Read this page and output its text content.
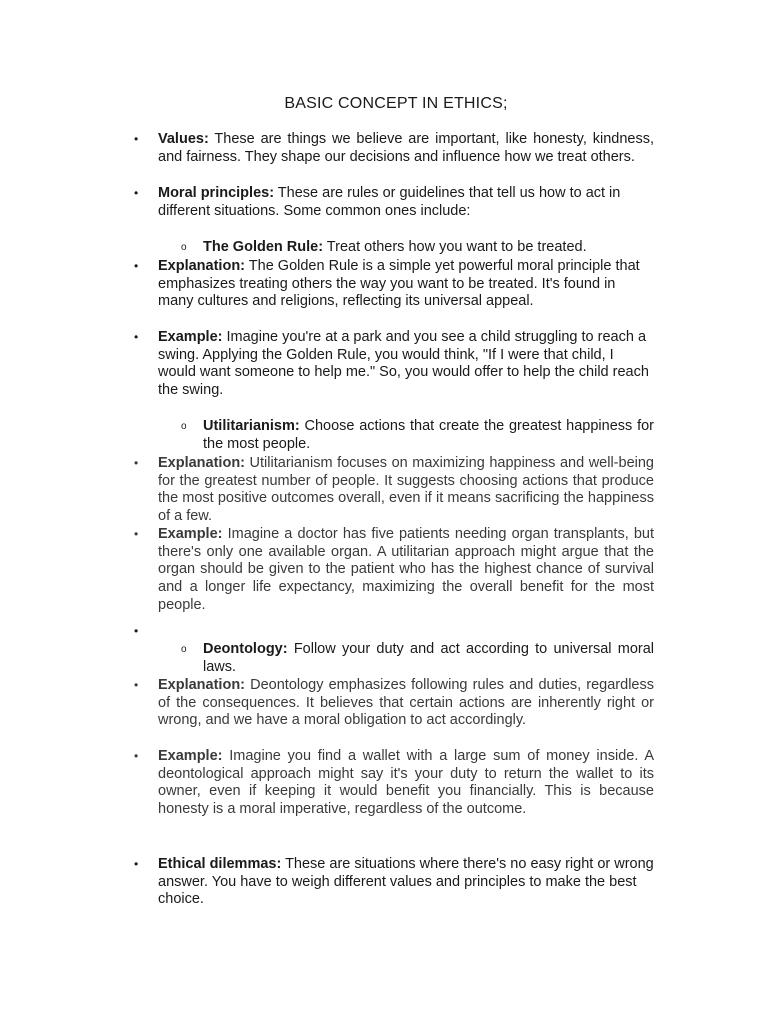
BASIC CONCEPT IN ETHICS;
•	Values: These are things we believe are important, like honesty, kindness, and fairness. They shape our decisions and influence how we treat others.
•	Moral principles: These are rules or guidelines that tell us how to act in different situations. Some common ones include:
o	The Golden Rule: Treat others how you want to be treated.
•	Explanation: The Golden Rule is a simple yet powerful moral principle that emphasizes treating others the way you want to be treated. It's found in many cultures and religions, reflecting its universal appeal.
•	Example: Imagine you're at a park and you see a child struggling to reach a swing. Applying the Golden Rule, you would think, "If I were that child, I would want someone to help me." So, you would offer to help the child reach the swing.
o	Utilitarianism: Choose actions that create the greatest happiness for the most people.
•	Explanation: Utilitarianism focuses on maximizing happiness and well-being for the greatest number of people. It suggests choosing actions that produce the most positive outcomes overall, even if it means sacrificing the happiness of a few.
•	Example: Imagine a doctor has five patients needing organ transplants, but there's only one available organ. A utilitarian approach might argue that the organ should be given to the patient who has the highest chance of survival and a longer life expectancy, maximizing the overall benefit for the most people.
•
o	Deontology: Follow your duty and act according to universal moral laws.
•	Explanation: Deontology emphasizes following rules and duties, regardless of the consequences. It believes that certain actions are inherently right or wrong, and we have a moral obligation to act accordingly.
•	Example: Imagine you find a wallet with a large sum of money inside. A deontological approach might say it's your duty to return the wallet to its owner, even if keeping it would benefit you financially. This is because honesty is a moral imperative, regardless of the outcome.
•	Ethical dilemmas: These are situations where there's no easy right or wrong answer. You have to weigh different values and principles to make the best choice.
